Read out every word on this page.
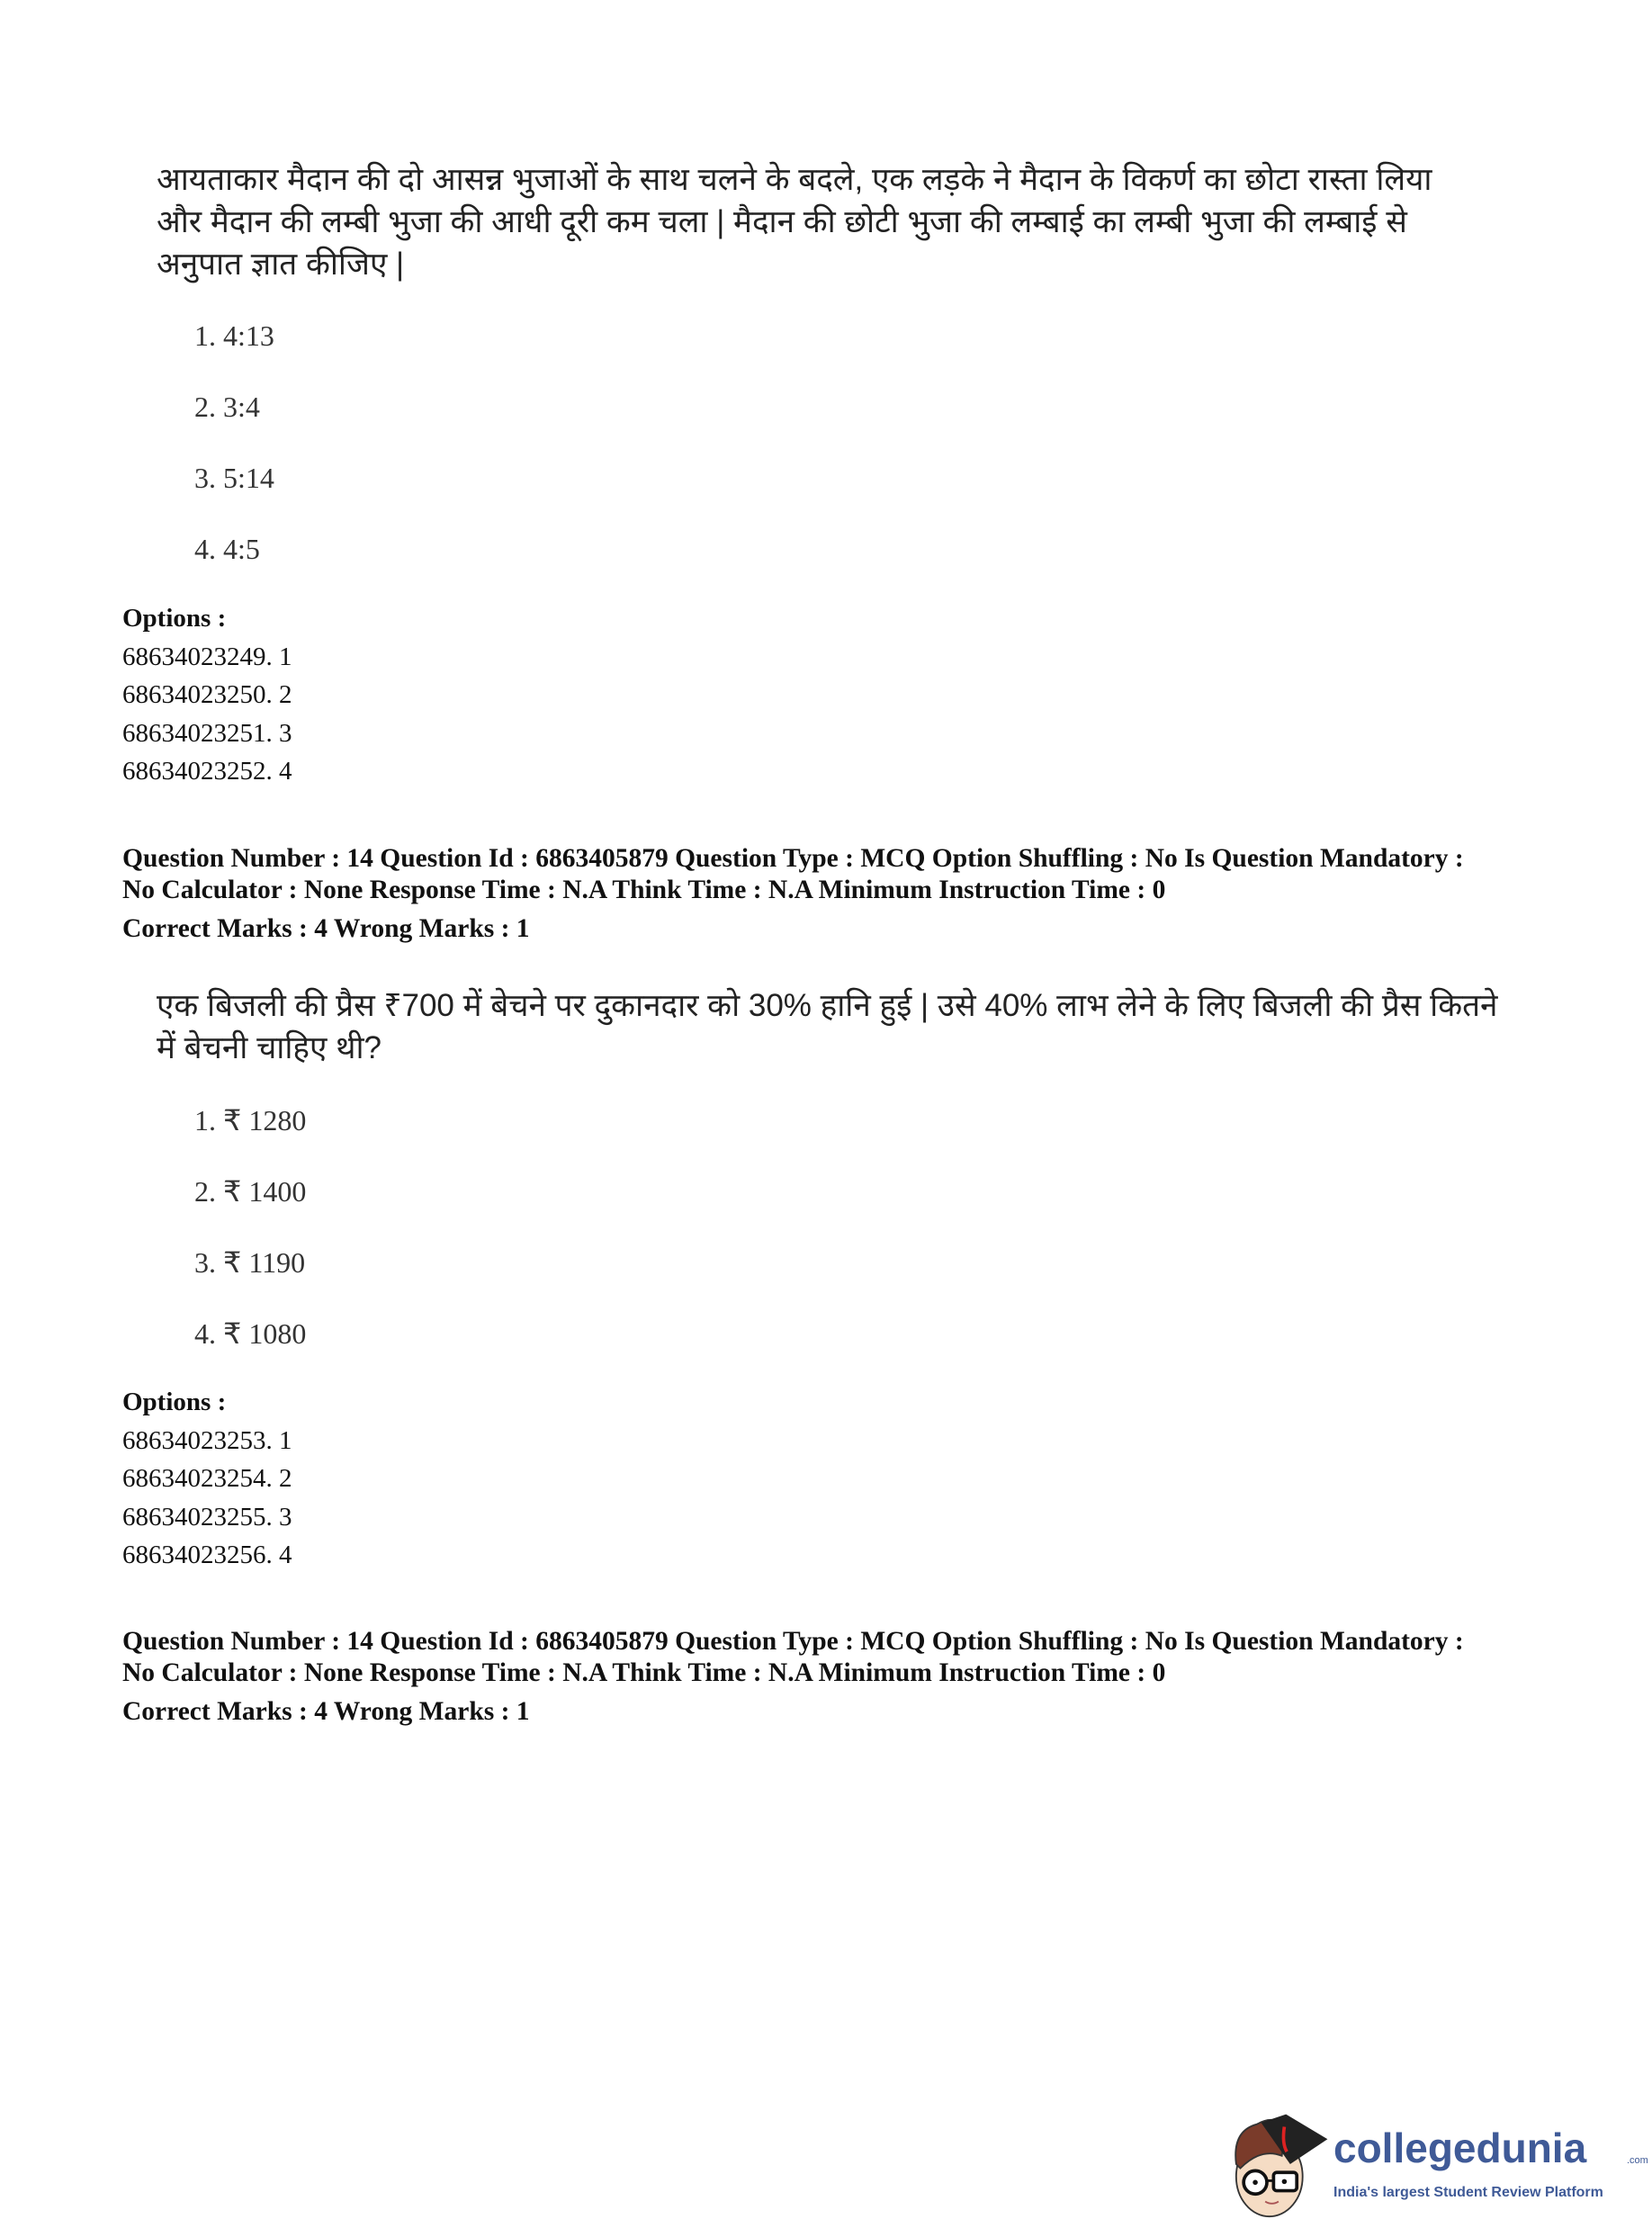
आयताकार मैदान की दो आसन्न भुजाओं के साथ चलने के बदले, एक लड़के ने मैदान के विकर्ण का छोटा रास्ता लिया
और मैदान की लम्बी भुजा की आधी दूरी कम चला | मैदान की छोटी भुजा की लम्बाई का लम्बी भुजा की लम्बाई से
अनुपात ज्ञात कीजिए |
1. 4:13
2. 3:4
3. 5:14
4. 4:5
Options :
68634023249. 1
68634023250. 2
68634023251. 3
68634023252. 4
Question Number : 14 Question Id : 6863405879 Question Type : MCQ Option Shuffling : No Is Question Mandatory :
No Calculator : None Response Time : N.A Think Time : N.A Minimum Instruction Time : 0
Correct Marks : 4 Wrong Marks : 1
एक बिजली की प्रैस ₹700 में बेचने पर दुकानदार को 30% हानि हुई | उसे 40% लाभ लेने के लिए बिजली की प्रैस कितने
में बेचनी चाहिए थी?
1. ₹ 1280
2. ₹ 1400
3. ₹ 1190
4. ₹ 1080
Options :
68634023253. 1
68634023254. 2
68634023255. 3
68634023256. 4
Question Number : 14 Question Id : 6863405879 Question Type : MCQ Option Shuffling : No Is Question Mandatory :
No Calculator : None Response Time : N.A Think Time : N.A Minimum Instruction Time : 0
Correct Marks : 4 Wrong Marks : 1
collegedunia	.com
India's largest Student Review Platform
